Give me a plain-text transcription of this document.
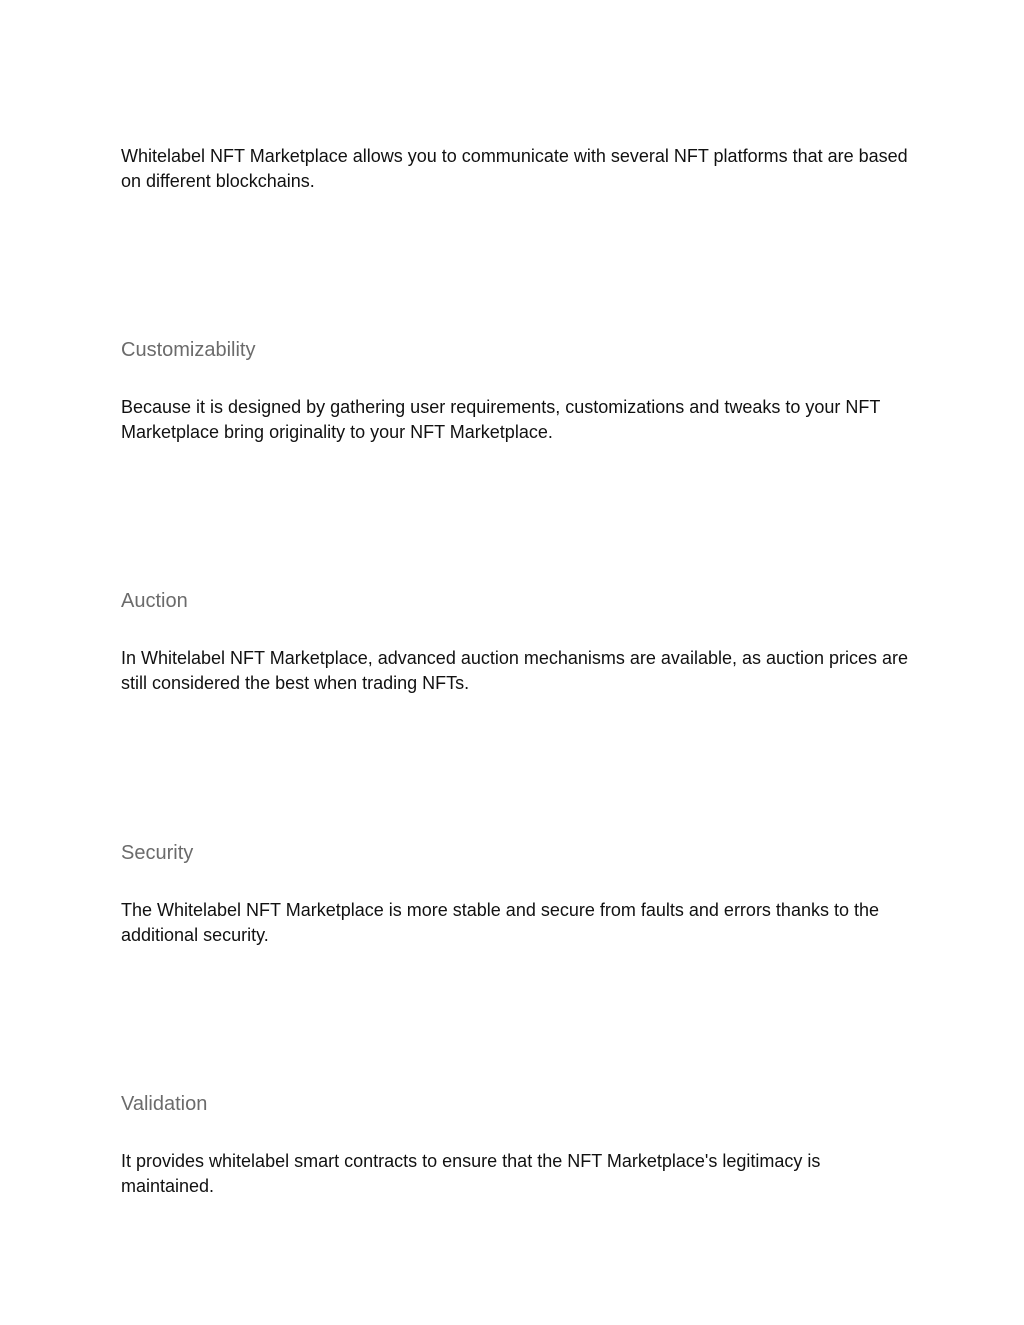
Whitelabel NFT Marketplace allows you to communicate with several NFT platforms that are based on different blockchains.

Customizability

Because it is designed by gathering user requirements, customizations and tweaks to your NFT Marketplace bring originality to your NFT Marketplace.

Auction

In Whitelabel NFT Marketplace, advanced auction mechanisms are available, as auction prices are still considered the best when trading NFTs.

Security

The Whitelabel NFT Marketplace is more stable and secure from faults and errors thanks to the additional security.

Validation

It provides whitelabel smart contracts to ensure that the NFT Marketplace's legitimacy is maintained.
